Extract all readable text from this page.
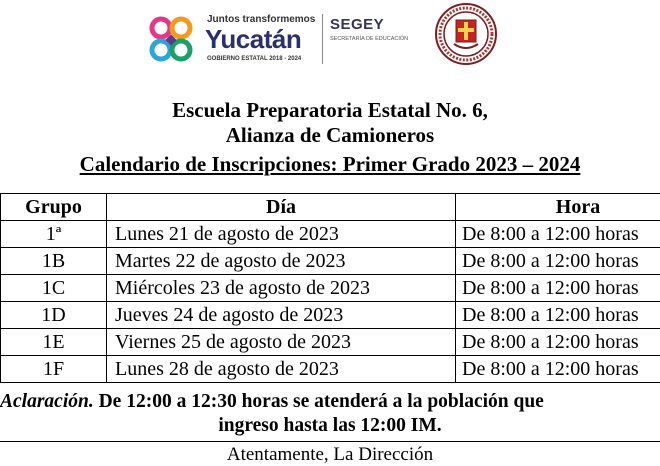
Juntos transformemos
Yucatán
GOBIERNO ESTATAL 2018 - 2024
SEGEY
SECRETARÍA DE EDUCACIÓN
Escuela Preparatoria Estatal No. 6,
Alianza de Camioneros
Calendario de Inscripciones: Primer Grado 2023 – 2024
Grupo	Día	Hora
1ª	Lunes 21 de agosto de 2023	De 8:00 a 12:00 horas
1B	Martes 22 de agosto de 2023	De 8:00 a 12:00 horas
1C	Miércoles 23 de agosto de 2023	De 8:00 a 12:00 horas
1D	Jueves 24 de agosto de 2023	De 8:00 a 12:00 horas
1E	Viernes 25 de agosto de 2023	De 8:00 a 12:00 horas
1F	Lunes 28 de agosto de 2023	De 8:00 a 12:00 horas
Aclaración. De 12:00 a 12:30 horas se atenderá a la población que
ingreso hasta las 12:00 IM.
Atentamente, La Dirección
